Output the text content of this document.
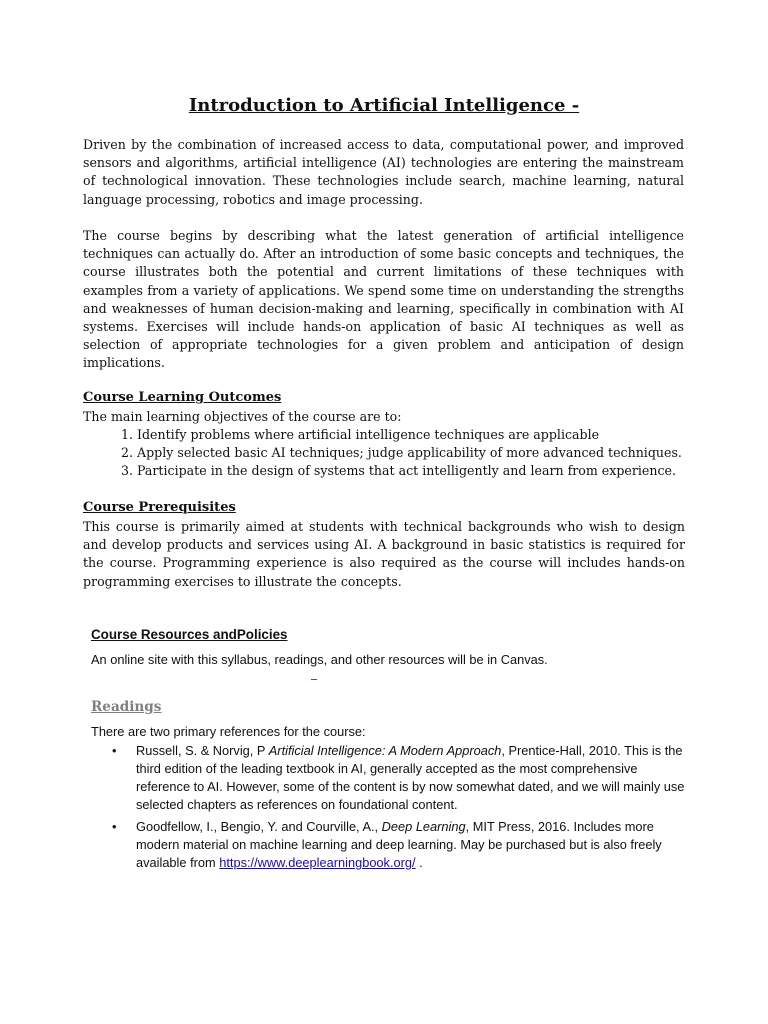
Introduction to Artificial Intelligence -

Driven by the combination of increased access to data, computational power, and improved sensors and algorithms, artificial intelligence (AI) technologies are entering the mainstream of technological innovation. These technologies include search, machine learning, natural language processing, robotics and image processing.

The course begins by describing what the latest generation of artificial intelligence techniques can actually do. After an introduction of some basic concepts and techniques, the course illustrates both the potential and current limitations of these techniques with examples from a variety of applications. We spend some time on understanding the strengths and weaknesses of human decision-making and learning, specifically in combination with AI systems. Exercises will include hands-on application of basic AI techniques as well as selection of appropriate technologies for a given problem and anticipation of design implications.

Course Learning Outcomes

The main learning objectives of the course are to:

1. Identify problems where artificial intelligence techniques are applicable
2. Apply selected basic AI techniques; judge applicability of more advanced techniques.
3. Participate in the design of systems that act intelligently and learn from experience.
Course Prerequisites

This course is primarily aimed at students with technical backgrounds who wish to design and develop products and services using AI. A background in basic statistics is required for the course. Programming experience is also required as the course will includes hands-on programming exercises to illustrate the concepts.

Course Resources andPolicies

An online site with this syllabus, readings, and other resources will be in Canvas.

Readings

There are two primary references for the course:

• Russell, S. & Norvig, P Artificial Intelligence: A Modern Approach, Prentice-Hall, 2010. This is the third edition of the leading textbook in AI, generally accepted as the most comprehensive reference to AI. However, some of the content is by now somewhat dated, and we will mainly use selected chapters as references on foundational content.
• Goodfellow, I., Bengio, Y. and Courville, A., Deep Learning, MIT Press, 2016. Includes more modern material on machine learning and deep learning. May be purchased but is also freely available from https://www.deeplearningbook.org/ .
